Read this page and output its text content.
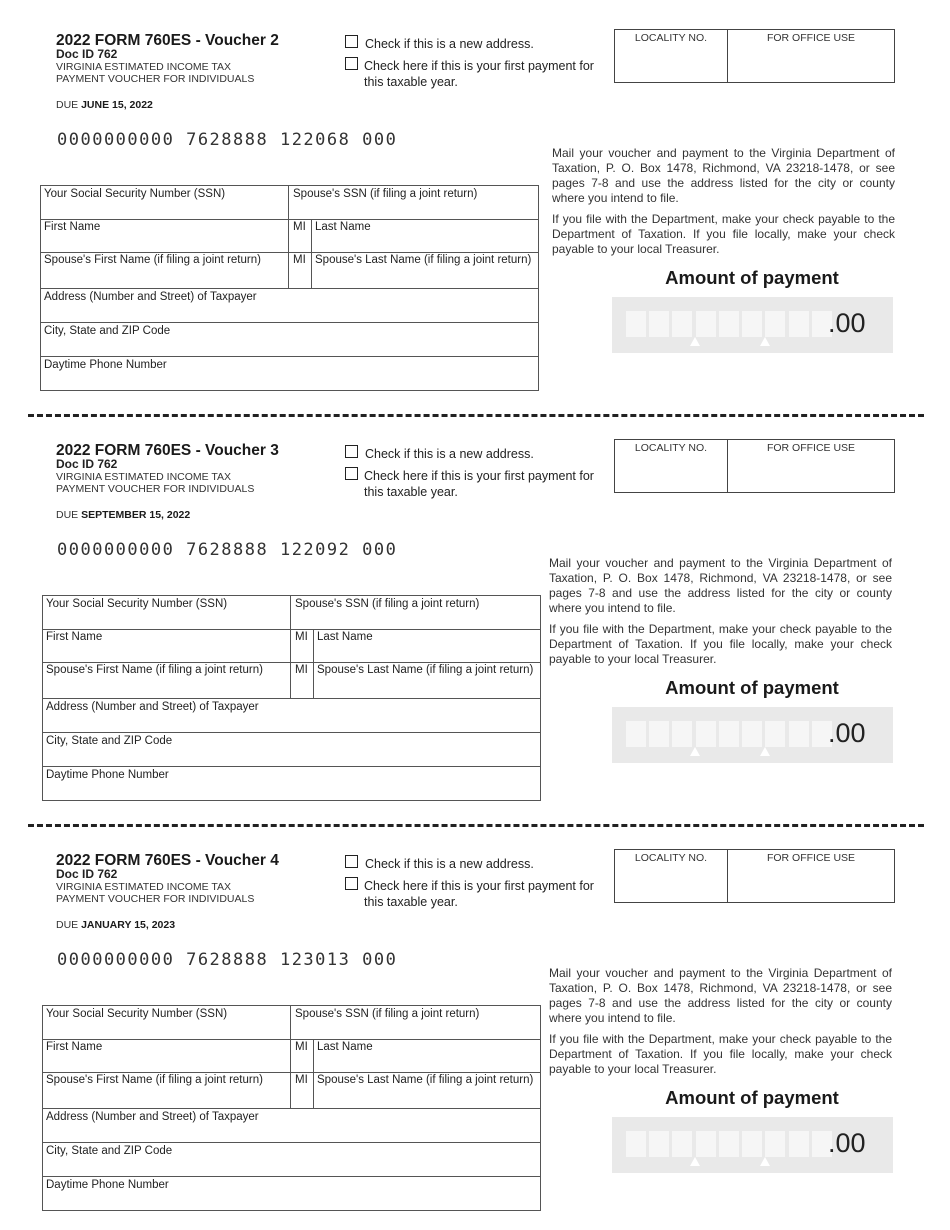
2022 FORM 760ES - Voucher 2
Doc ID 762
VIRGINIA ESTIMATED INCOME TAX
PAYMENT VOUCHER FOR INDIVIDUALS
DUE JUNE 15, 2022
Check if this is a new address.
Check here if this is your first payment for
this taxable year.
LOCALITY NO.	FOR OFFICE USE
0000000000 7628888 122068 000
Mail your voucher and payment to the Virginia Department of Taxation, P. O. Box 1478, Richmond, VA 23218-1478, or see pages 7-8 and use the address listed for the city or county where you intend to file.
If you file with the Department, make your check payable to the Department of Taxation. If you file locally, make your check payable to your local Treasurer.
Amount of payment
.00
Your Social Security Number (SSN)	Spouse's SSN (if filing a joint return)
First Name	MI Last Name
Spouse's First Name (if filing a joint return)	MI Spouse's Last Name (if filing a joint return)
Address (Number and Street) of Taxpayer
City, State and ZIP Code
Daytime Phone Number
2022 FORM 760ES - Voucher 3
Doc ID 762
VIRGINIA ESTIMATED INCOME TAX
PAYMENT VOUCHER FOR INDIVIDUALS
DUE SEPTEMBER 15, 2022
Check if this is a new address.
Check here if this is your first payment for
this taxable year.
LOCALITY NO.	FOR OFFICE USE
0000000000 7628888 122092 000
Mail your voucher and payment to the Virginia Department of Taxation, P. O. Box 1478, Richmond, VA 23218-1478, or see pages 7-8 and use the address listed for the city or county where you intend to file.
If you file with the Department, make your check payable to the Department of Taxation. If you file locally, make your check payable to your local Treasurer.
Amount of payment
.00
Your Social Security Number (SSN)	Spouse's SSN (if filing a joint return)
First Name	MI Last Name
Spouse's First Name (if filing a joint return)	MI Spouse's Last Name (if filing a joint return)
Address (Number and Street) of Taxpayer
City, State and ZIP Code
Daytime Phone Number
2022 FORM 760ES - Voucher 4
Doc ID 762
VIRGINIA ESTIMATED INCOME TAX
PAYMENT VOUCHER FOR INDIVIDUALS
DUE JANUARY 15, 2023
Check if this is a new address.
Check here if this is your first payment for
this taxable year.
LOCALITY NO.	FOR OFFICE USE
0000000000 7628888 123013 000
Mail your voucher and payment to the Virginia Department of Taxation, P. O. Box 1478, Richmond, VA 23218-1478, or see pages 7-8 and use the address listed for the city or county where you intend to file.
If you file with the Department, make your check payable to the Department of Taxation. If you file locally, make your check payable to your local Treasurer.
Amount of payment
.00
Your Social Security Number (SSN)	Spouse's SSN (if filing a joint return)
First Name	MI Last Name
Spouse's First Name (if filing a joint return)	MI Spouse's Last Name (if filing a joint return)
Address (Number and Street) of Taxpayer
City, State and ZIP Code
Daytime Phone Number
